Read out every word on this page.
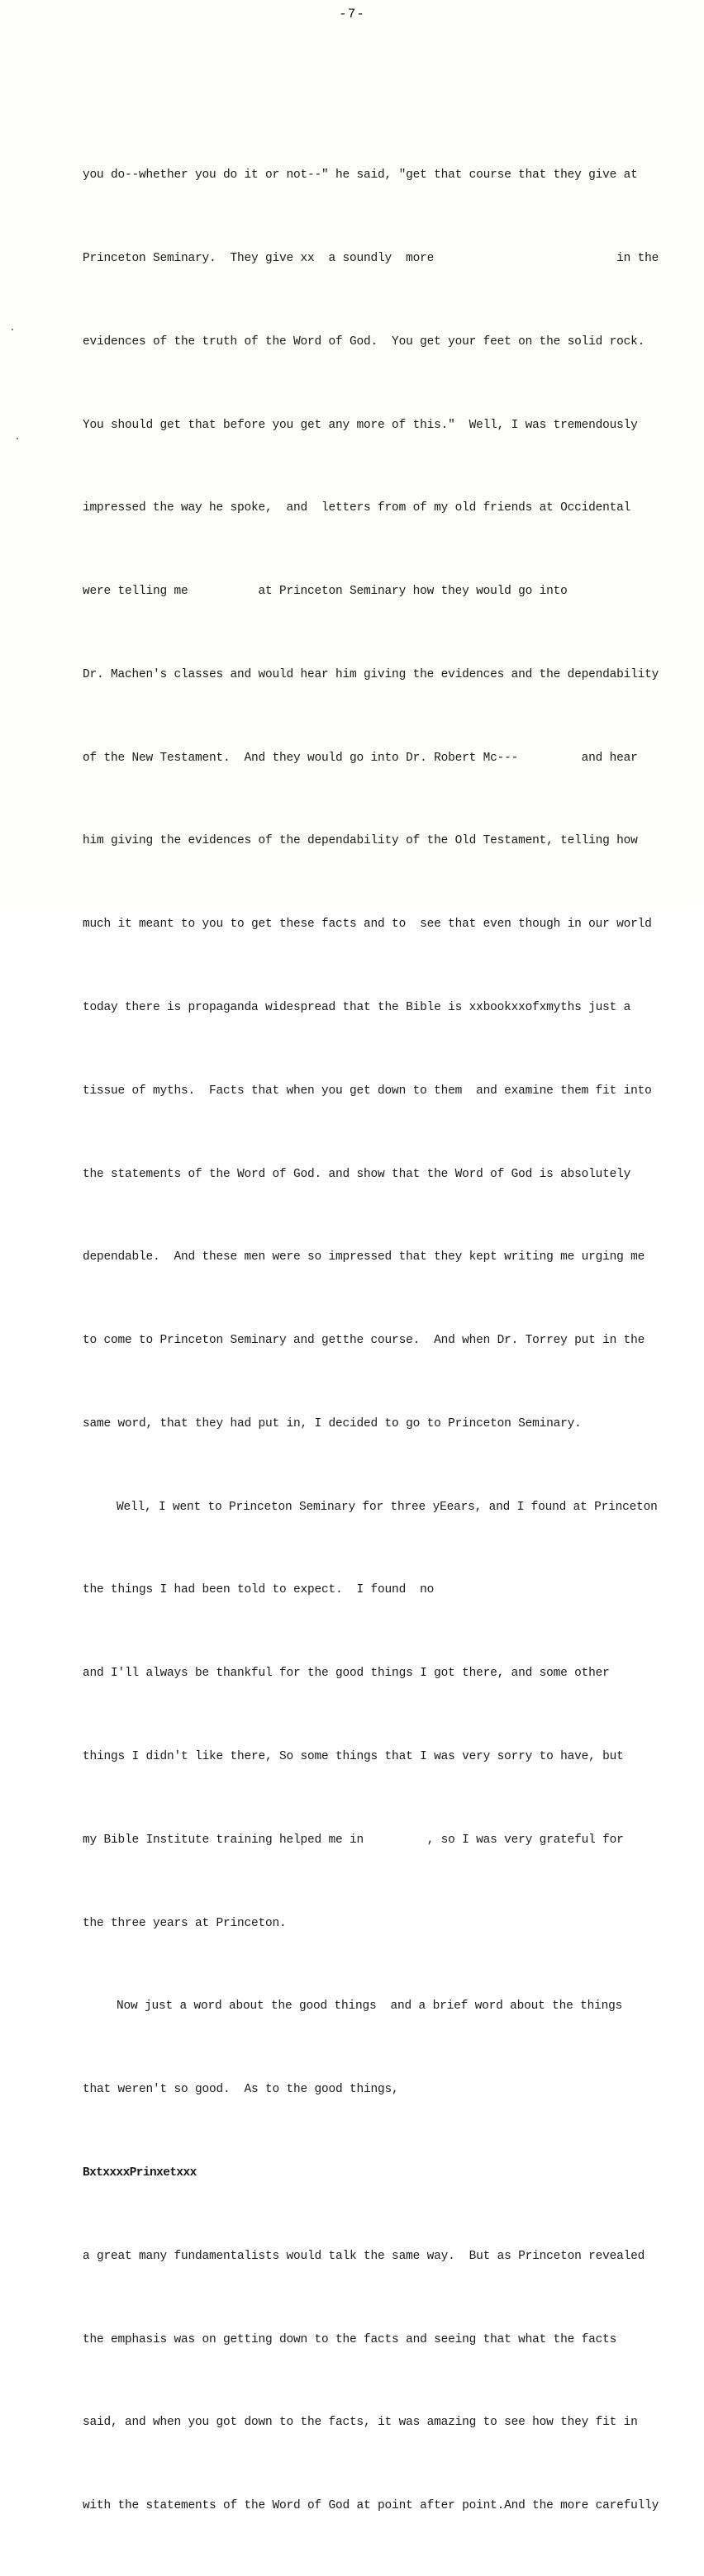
-7-

you do--whether you do it or not--" he said, "get that course that they give at

Princeton Seminary.  They give xx  a soundly  more                          in the

evidences of the truth of the Word of God.  You get your feet on the solid rock.

You should get that before you get any more of this."  Well, I was tremendously

impressed the way he spoke,  and  letters from of my old friends at Occidental

were telling me          at Princeton Seminary how they would go into

Dr. Machen's classes and would hear him giving the evidences and the dependability

of the New Testament.  And they would go into Dr. Robert Mc---         and hear

him giving the evidences of the dependability of the Old Testament, telling how

much it meant to you to get these facts and to  see that even though in our world

today there is propaganda widespread that the Bible is xxbookxxofxmyths just a

tissue of myths.  Facts that when you get down to them  and examine them fit into

the statements of the Word of God. and show that the Word of God is absolutely

dependable.  And these men were so impressed that they kept writing me urging me

to come to Princeton Seminary and getthe course.  And when Dr. Torrey put in the

same word, that they had put in, I decided to go to Princeton Seminary.

Well, I went to Princeton Seminary for three yEears, and I found at Princeton

the things I had been told to expect.  I found  no

and I'll always be thankful for the good things I got there, and some other

things I didn't like there, So some things that I was very sorry to have, but

my Bible Institute training helped me in         , so I was very grateful for

the three years at Princeton.

Now just a word about the good things  and a brief word about the things

that weren't so good.  As to the good things,

BxtxxxxPrinxetxxx

a great many fundamentalists would talk the same way.  But as Princeton revealed

the emphasis was on getting down to the facts and seeing that what the facts

said, and when you got down to the facts, it was amazing to see how they fit in

with the statements of the Word of God at point after point.And the more carefully
